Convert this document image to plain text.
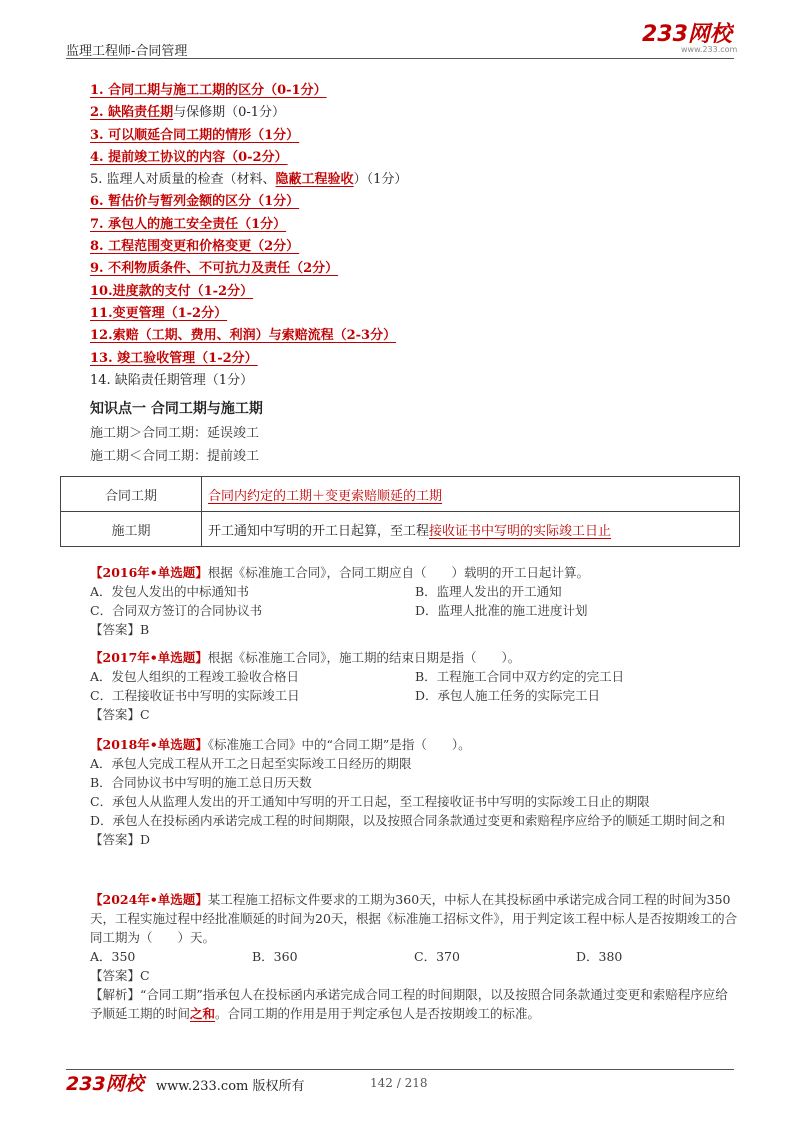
监理工程师-合同管理
233网校
www.233.com
1. 合同工期与施工工期的区分（0-1分）
2. 缺陷责任期与保修期（0-1分）
3. 可以顺延合同工期的情形（1分）
4. 提前竣工协议的内容（0-2分）
5. 监理人对质量的检查（材料、隐蔽工程验收）（1分）
6. 暂估价与暂列金额的区分（1分）
7. 承包人的施工安全责任（1分）
8. 工程范围变更和价格变更（2分）
9. 不利物质条件、不可抗力及责任（2分）
10.进度款的支付（1-2分）
11.变更管理（1-2分）
12.索赔（工期、费用、利润）与索赔流程（2-3分）
13. 竣工验收管理（1-2分）
14. 缺陷责任期管理（1分）
知识点一 合同工期与施工期
施工期＞合同工期：延误竣工
施工期＜合同工期：提前竣工
合同工期	合同内约定的工期＋变更索赔顺延的工期
施工期	开工通知中写明的开工日起算，至工程接收证书中写明的实际竣工日止
【2016年•单选题】根据《标准施工合同》，合同工期应自（　　）载明的开工日起计算。
A．发包人发出的中标通知书	B．监理人发出的开工通知
C．合同双方签订的合同协议书	D．监理人批准的施工进度计划
【答案】B
【2017年•单选题】根据《标准施工合同》，施工期的结束日期是指（　　）。
A．发包人组织的工程竣工验收合格日	B．工程施工合同中双方约定的完工日
C．工程接收证书中写明的实际竣工日	D．承包人施工任务的实际完工日
【答案】C
【2018年•单选题】《标准施工合同》中的“合同工期”是指（　　）。
A．承包人完成工程从开工之日起至实际竣工日经历的期限
B．合同协议书中写明的施工总日历天数
C．承包人从监理人发出的开工通知中写明的开工日起，至工程接收证书中写明的实际竣工日止的期限
D．承包人在投标函内承诺完成工程的时间期限，以及按照合同条款通过变更和索赔程序应给予的顺延工期时间之和
【答案】D
【2024年•单选题】某工程施工招标文件要求的工期为360天，中标人在其投标函中承诺完成合同工程的时间为350天，工程实施过程中经批准顺延的时间为20天，根据《标准施工招标文件》，用于判定该工程中标人是否按期竣工的合同工期为（　　）天。
A．350	B．360	C．370	D．380
【答案】C
【解析】“合同工期”指承包人在投标函内承诺完成合同工程的时间期限，以及按照合同条款通过变更和索赔程序应给予顺延工期的时间之和。合同工期的作用是用于判定承包人是否按期竣工的标准。
233网校 www.233.com 版权所有	142 / 218
